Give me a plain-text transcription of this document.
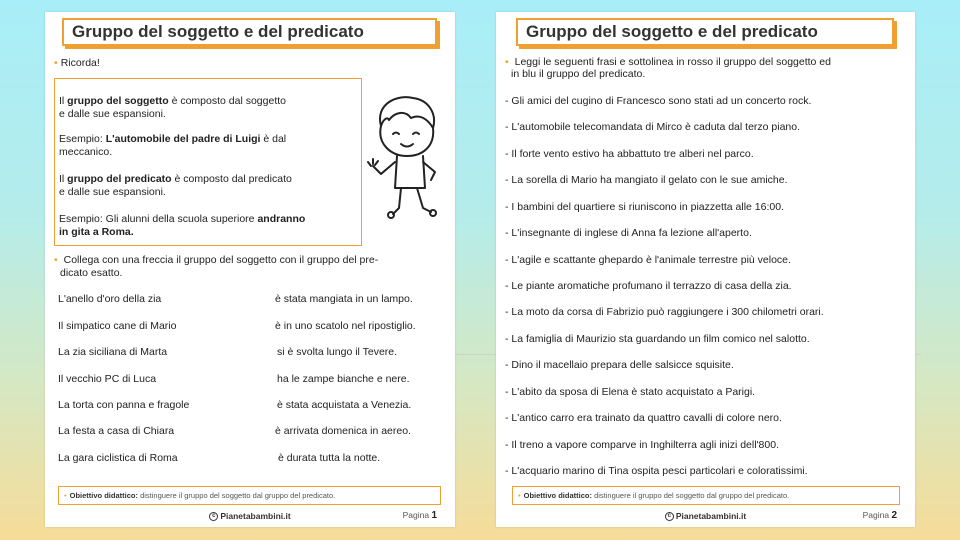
Gruppo del soggetto e del predicato
• Ricorda!
Il gruppo del soggetto è composto dal soggetto
e dalle sue espansioni.
Esempio: L'automobile del padre di Luigi è dal
meccanico.
Il gruppo del predicato è composto dal predicato
e dalle sue espansioni.
Esempio: Gli alunni della scuola superiore andranno
in gita a Roma.
• Collega con una freccia il gruppo del soggetto con il gruppo del pre-
dicato esatto.
L'anello d'oro della zia
Il simpatico cane di Mario
La zia siciliana di Marta
Il vecchio PC di Luca
La torta con panna e fragole
La festa a casa di Chiara
La gara ciclistica di Roma
è stata mangiata in un lampo.
è in uno scatolo nel ripostiglio.
si è svolta lungo il Tevere.
ha le zampe bianche e nere.
è stata acquistata a Venezia.
è arrivata domenica in aereo.
è durata tutta la notte.
• Obiettivo didattico: distinguere il gruppo del soggetto dal gruppo del predicato.
c Pianetabambini.it	Pagina 1
Gruppo del soggetto e del predicato
• Leggi le seguenti frasi e sottolinea in rosso il gruppo del soggetto ed
in blu il gruppo del predicato.
- Gli amici del cugino di Francesco sono stati ad un concerto rock.
- L'automobile telecomandata di Mirco è caduta dal terzo piano.
- Il forte vento estivo ha abbattuto tre alberi nel parco.
- La sorella di Mario ha mangiato il gelato con le sue amiche.
- I bambini del quartiere si riuniscono in piazzetta alle 16:00.
- L'insegnante di inglese di Anna fa lezione all'aperto.
- L'agile e scattante ghepardo è l'animale terrestre più veloce.
- Le piante aromatiche profumano il terrazzo di casa della zia.
- La moto da corsa di Fabrizio può raggiungere i 300 chilometri orari.
- La famiglia di Maurizio sta guardando un film comico nel salotto.
- Dino il macellaio prepara delle salsicce squisite.
- L'abito da sposa di Elena è stato acquistato a Parigi.
- L'antico carro era trainato da quattro cavalli di colore nero.
- Il treno a vapore comparve in Inghilterra agli inizi dell'800.
- L'acquario marino di Tina ospita pesci particolari e coloratissimi.
• Obiettivo didattico: distinguere il gruppo del soggetto dal gruppo del predicato.
c Pianetabambini.it	Pagina 2
